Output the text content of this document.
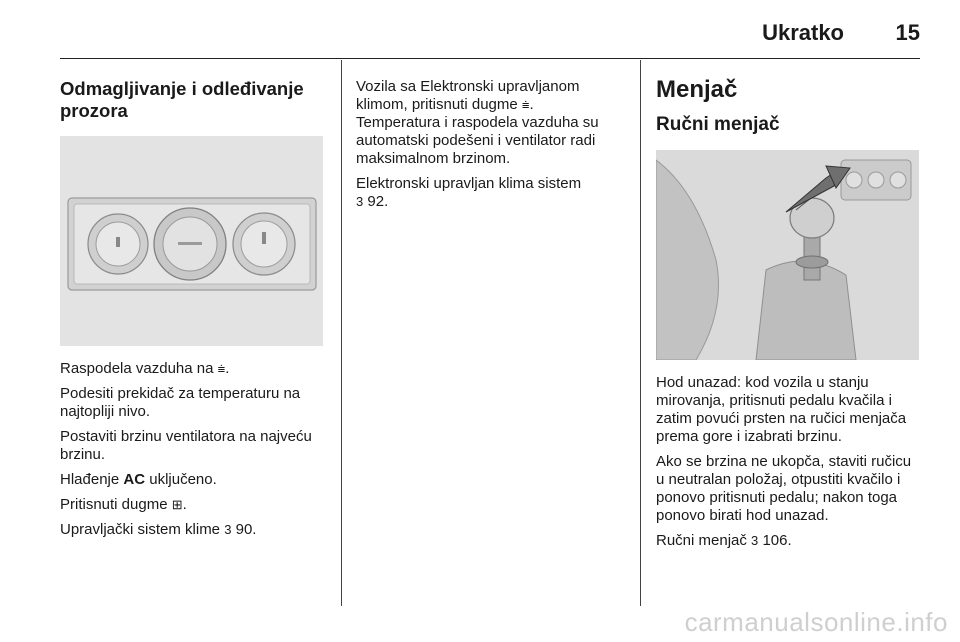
Ukratko 15
Odmagljivanje i odleđivanje prozora

Raspodela vazduha na ⩧.

Podesiti prekidač za temperaturu na najtopliji nivo.

Postaviti brzinu ventilatora na najveću brzinu.

Hlađenje AC uključeno.

Pritisnuti dugme ⊞.

Upravljački sistem klime 3 90.

Vozila sa Elektronski upravljanom klimom, pritisnuti dugme ⩧.

Temperatura i raspodela vazduha su automatski podešeni i ventilator radi maksimalnom brzinom.

Elektronski upravljan klima sistem

3 92.

Menjač
Ručni menjač

Hod unazad: kod vozila u stanju mirovanja, pritisnuti pedalu kvačila i zatim povući prsten na ručici menjača prema gore i izabrati brzinu.

Ako se brzina ne ukopča, staviti ručicu u neutralan položaj, otpustiti kvačilo i ponovo pritisnuti pedalu; nakon toga ponovo birati hod unazad.

Ručni menjač 3 106.

carmanualsonline.info
